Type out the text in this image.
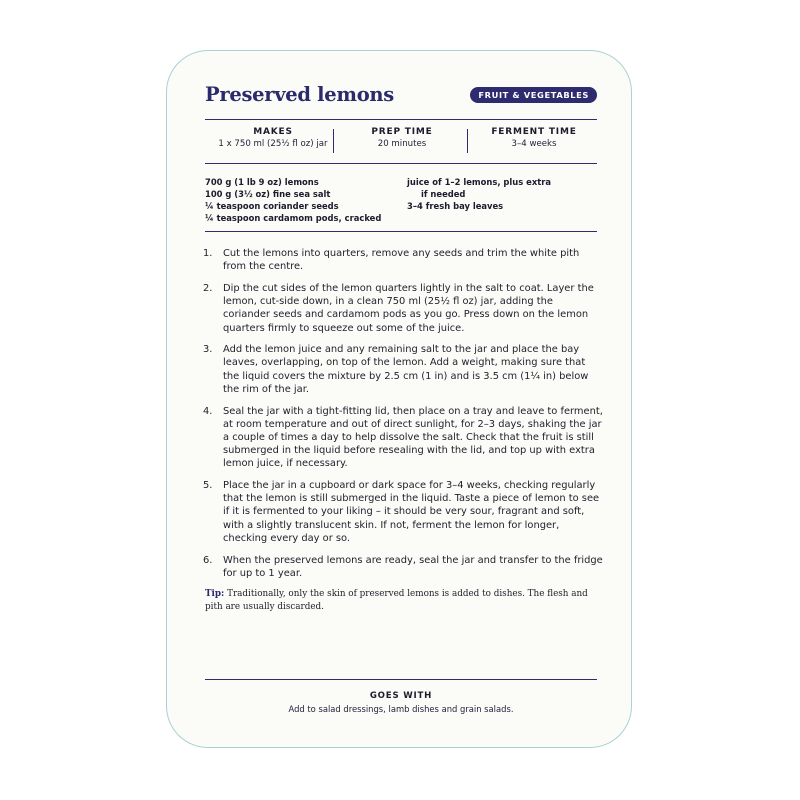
Preserved lemons	FRUIT & VEGETABLES
MAKES
1 x 750 ml (25½ fl oz) jar
PREP TIME
20 minutes
FERMENT TIME
3–4 weeks
700 g (1 lb 9 oz) lemons
100 g (3½ oz) fine sea salt
¼ teaspoon coriander seeds
¼ teaspoon cardamom pods, cracked
juice of 1–2 lemons, plus extra
if needed
3–4 fresh bay leaves
1. Cut the lemons into quarters, remove any seeds and trim the white pith from the centre.
2. Dip the cut sides of the lemon quarters lightly in the salt to coat. Layer the lemon, cut-side down, in a clean 750 ml (25½ fl oz) jar, adding the coriander seeds and cardamom pods as you go. Press down on the lemon quarters firmly to squeeze out some of the juice.
3. Add the lemon juice and any remaining salt to the jar and place the bay leaves, overlapping, on top of the lemon. Add a weight, making sure that the liquid covers the mixture by 2.5 cm (1 in) and is 3.5 cm (1¼ in) below the rim of the jar.
4. Seal the jar with a tight-fitting lid, then place on a tray and leave to ferment, at room temperature and out of direct sunlight, for 2–3 days, shaking the jar a couple of times a day to help dissolve the salt. Check that the fruit is still submerged in the liquid before resealing with the lid, and top up with extra lemon juice, if necessary.
5. Place the jar in a cupboard or dark space for 3–4 weeks, checking regularly that the lemon is still submerged in the liquid. Taste a piece of lemon to see if it is fermented to your liking – it should be very sour, fragrant and soft, with a slightly translucent skin. If not, ferment the lemon for longer, checking every day or so.
6. When the preserved lemons are ready, seal the jar and transfer to the fridge for up to 1 year.
Tip: Traditionally, only the skin of preserved lemons is added to dishes. The flesh and pith are usually discarded.
GOES WITH
Add to salad dressings, lamb dishes and grain salads.
